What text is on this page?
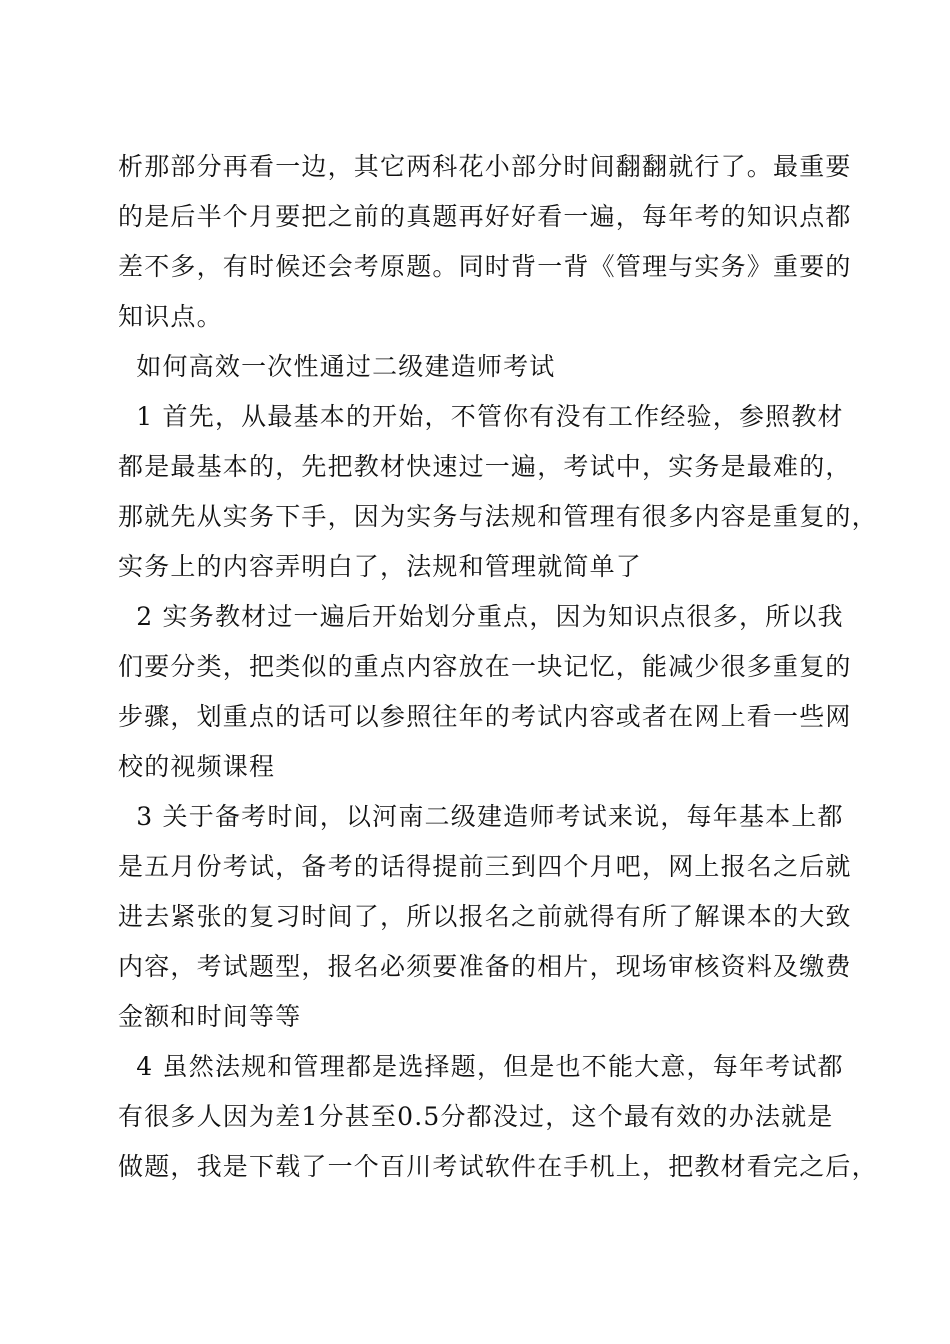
析那部分再看一边，其它两科花小部分时间翻翻就行了。最重要
的是后半个月要把之前的真题再好好看一遍，每年考的知识点都
差不多，有时候还会考原题。同时背一背《管理与实务》重要的
知识点。
如何高效一次性通过二级建造师考试
1 首先，从最基本的开始，不管你有没有工作经验，参照教材
都是最基本的，先把教材快速过一遍，考试中，实务是最难的，
那就先从实务下手，因为实务与法规和管理有很多内容是重复的，
实务上的内容弄明白了，法规和管理就简单了
2 实务教材过一遍后开始划分重点，因为知识点很多，所以我
们要分类，把类似的重点内容放在一块记忆，能减少很多重复的
步骤，划重点的话可以参照往年的考试内容或者在网上看一些网
校的视频课程
3 关于备考时间，以河南二级建造师考试来说，每年基本上都
是五月份考试，备考的话得提前三到四个月吧，网上报名之后就
进去紧张的复习时间了，所以报名之前就得有所了解课本的大致
内容，考试题型，报名必须要准备的相片，现场审核资料及缴费
金额和时间等等
4 虽然法规和管理都是选择题，但是也不能大意，每年考试都
有很多人因为差1分甚至0.5分都没过，这个最有效的办法就是
做题，我是下载了一个百川考试软件在手机上，把教材看完之后，
